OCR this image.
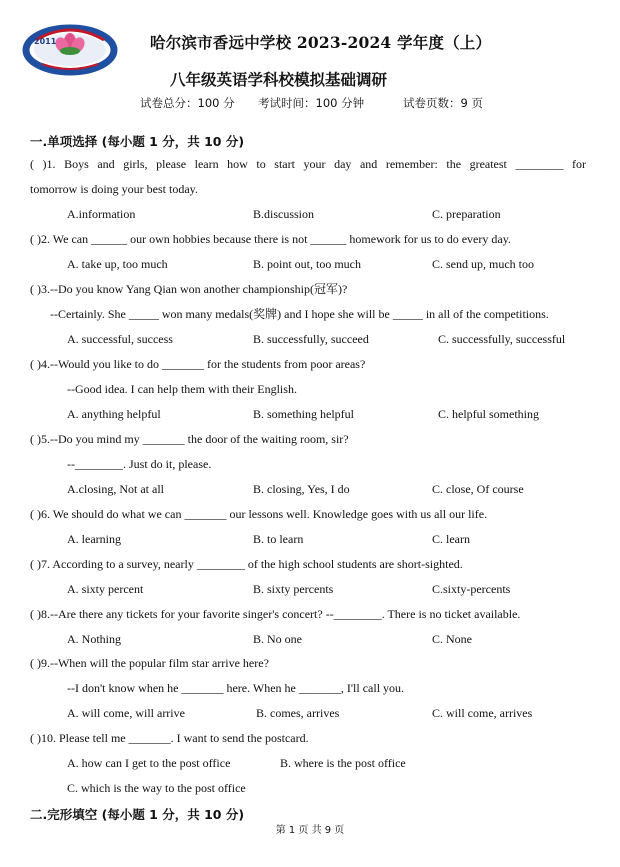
2011	哈尔滨市香远中学校 2023-2024 学年度（上）
八年级英语学科校模拟基础调研
试卷总分：100 分 考试时间：100 分钟	试卷页数：9 页
一.单项选择 (每小题 1 分，共 10 分)
( )1. Boys and girls, please learn how to start your day and remember: the greatest ________ for
tomorrow is doing your best today.
A.information	B.discussion	C. preparation
( )2. We can ______ our own hobbies because there is not ______ homework for us to do every day.
A. take up, too much	B. point out, too much	C. send up, much too
( )3.--Do you know Yang Qian won another championship(冠军)?
--Certainly. She _____ won many medals(奖牌) and I hope she will be _____ in all of the competitions.
A. successful, success	B. successfully, succeed	C. successfully, successful
( )4.--Would you like to do _______ for the students from poor areas?
--Good idea. I can help them with their English.
A. anything helpful	B. something helpful	C. helpful something
( )5.--Do you mind my _______ the door of the waiting room, sir?
--________. Just do it, please.
A.closing, Not at all	B. closing, Yes, I do	C. close, Of course
( )6. We should do what we can _______ our lessons well. Knowledge goes with us all our life.
A. learning	B. to learn	C. learn
( )7. According to a survey, nearly ________ of the high school students are short-sighted.
A. sixty percent	B. sixty percents	C.sixty-percents
( )8.--Are there any tickets for your favorite singer's concert? --________. There is no ticket available.
A. Nothing	B. No one	C. None
( )9.--When will the popular film star arrive here?
--I don't know when he _______ here. When he _______, I'll call you.
A. will come, will arrive	B. comes, arrives	C. will come, arrives
( )10. Please tell me _______. I want to send the postcard.
A. how can I get to the post office	B. where is the post office
C. which is the way to the post office
二.完形填空 (每小题 1 分，共 10 分)
第 1 页 共 9 页
